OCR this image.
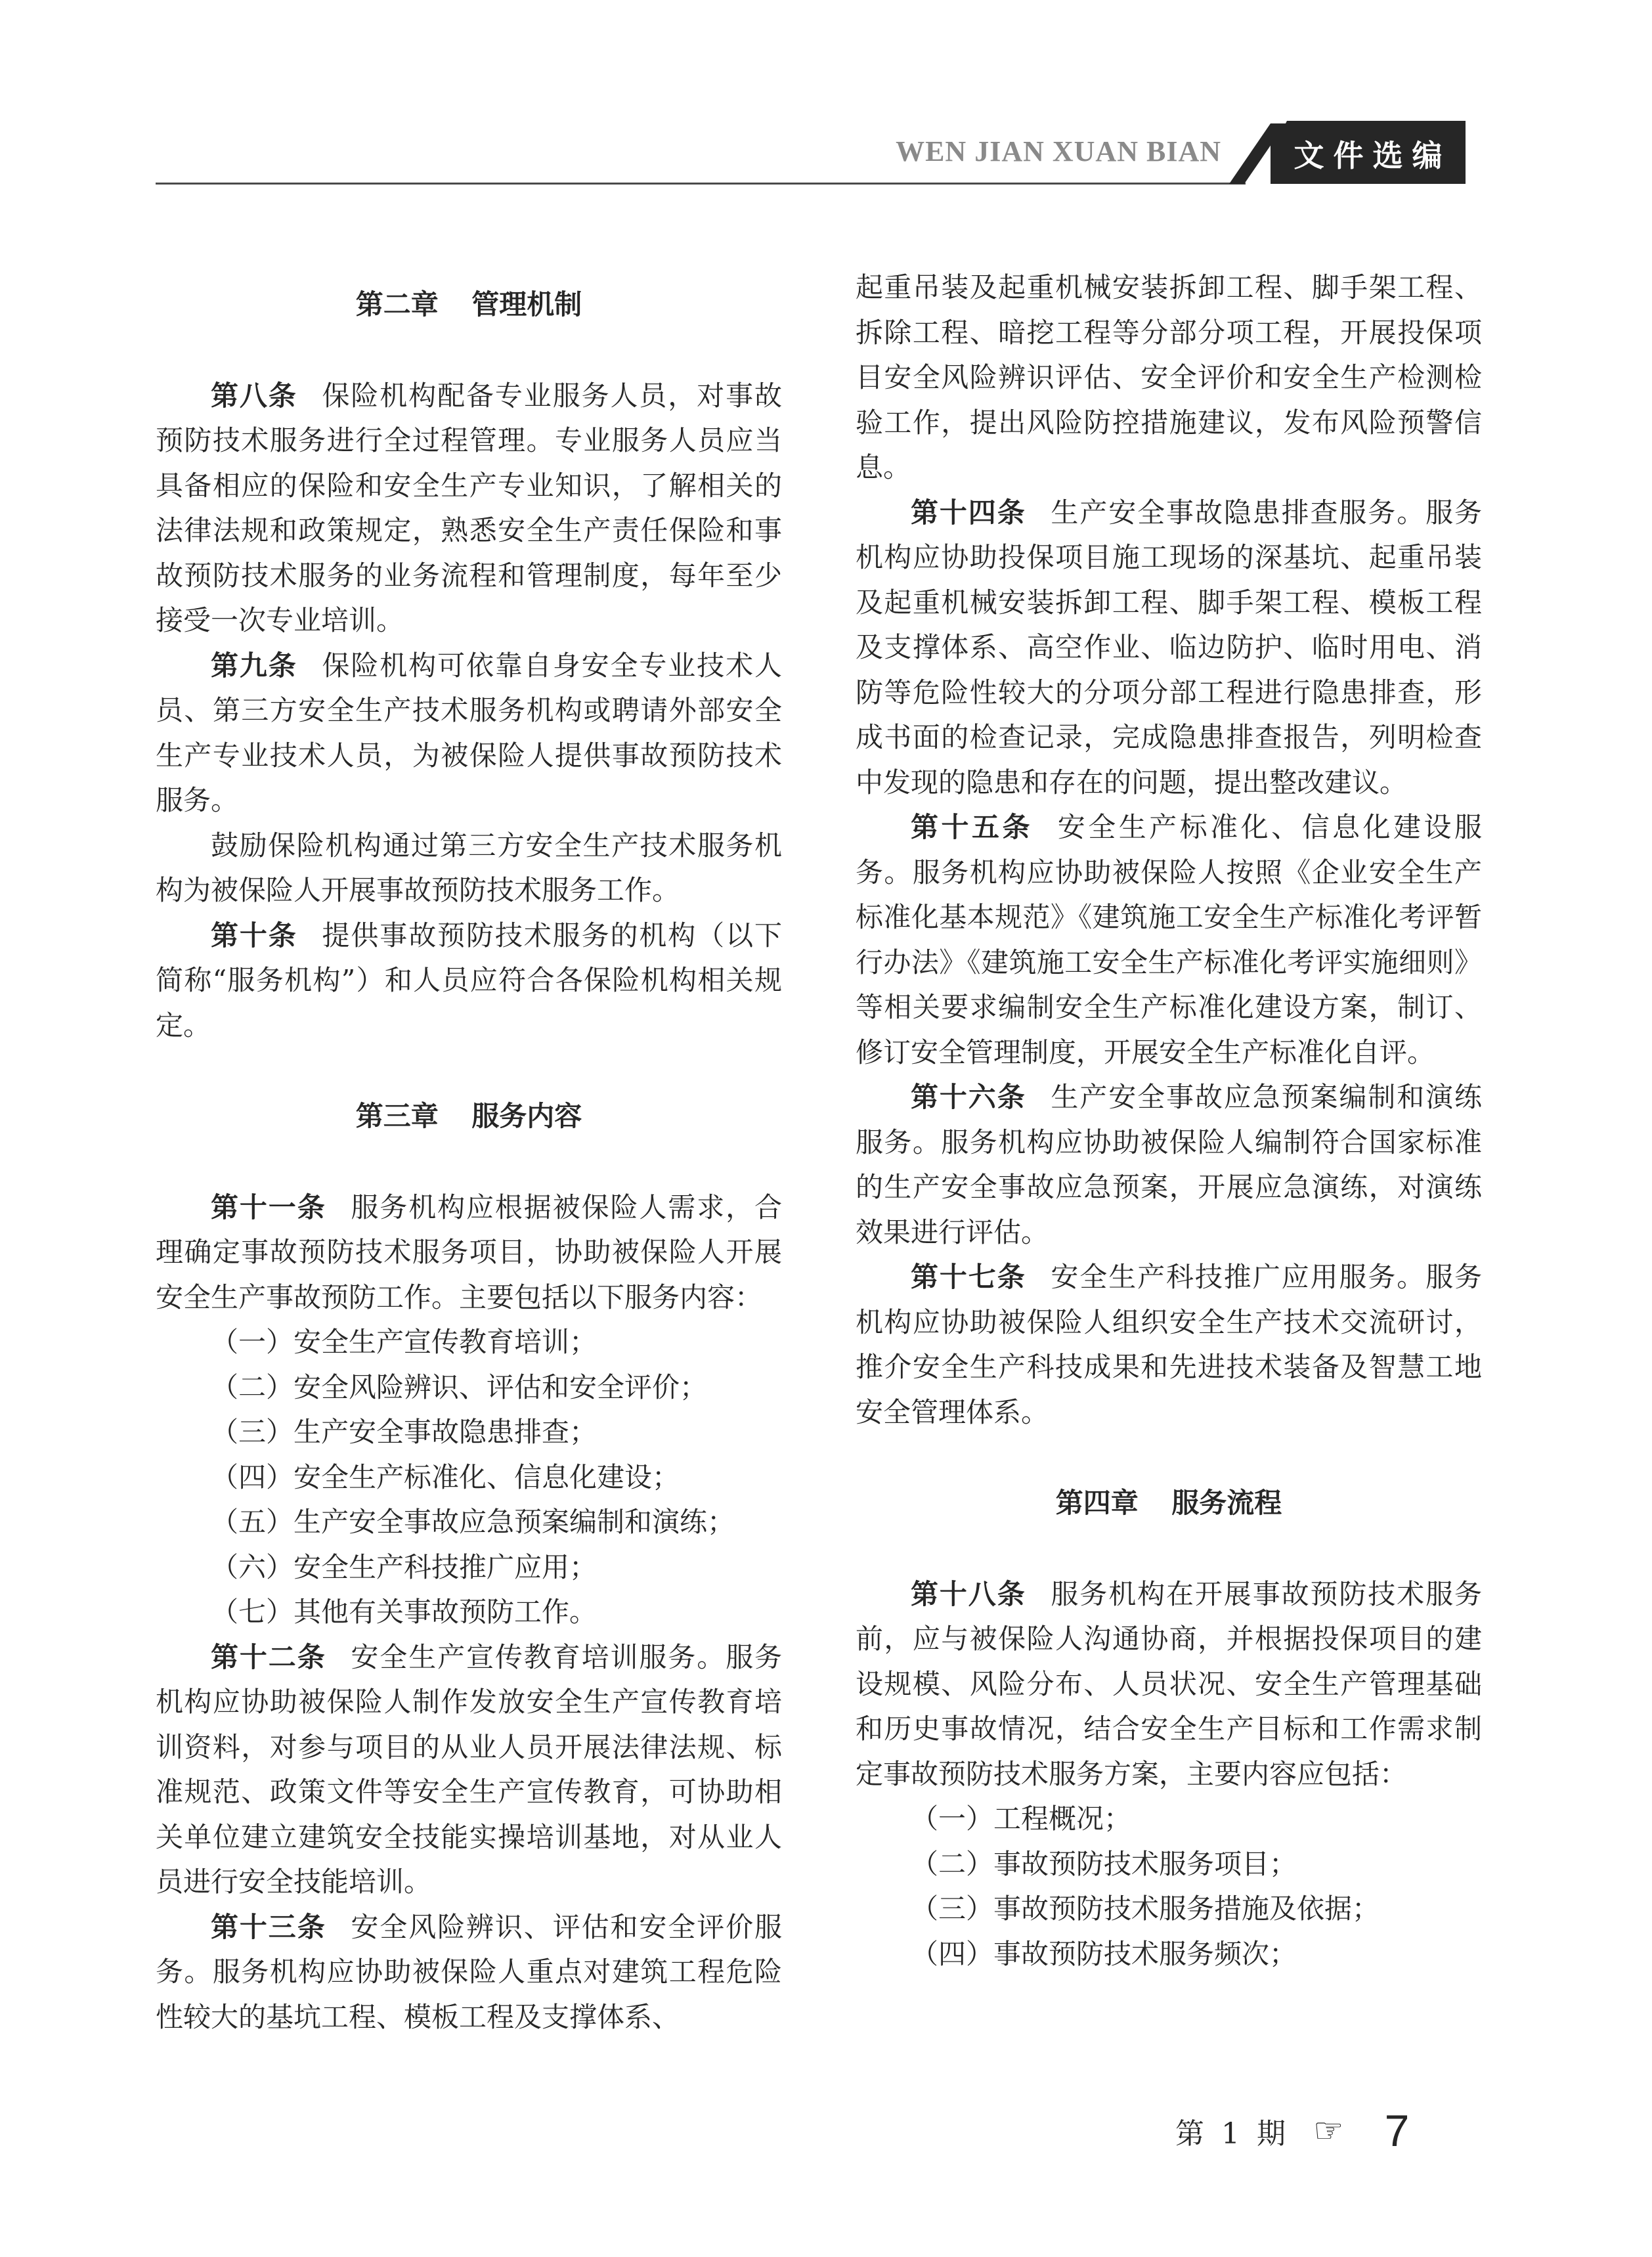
WEN JIAN XUAN BIAN	文件选编

第二章 管理机制

第八条 保险机构配备专业服务人员，对事故预防技术服务进行全过程管理。专业服务人员应当具备相应的保险和安全生产专业知识，了解相关的法律法规和政策规定，熟悉安全生产责任保险和事故预防技术服务的业务流程和管理制度，每年至少接受一次专业培训。

第九条 保险机构可依靠自身安全专业技术人员、第三方安全生产技术服务机构或聘请外部安全生产专业技术人员，为被保险人提供事故预防技术服务。

鼓励保险机构通过第三方安全生产技术服务机构为被保险人开展事故预防技术服务工作。

第十条 提供事故预防技术服务的机构（以下简称“服务机构”）和人员应符合各保险机构相关规定。

第三章 服务内容

第十一条 服务机构应根据被保险人需求，合理确定事故预防技术服务项目，协助被保险人开展安全生产事故预防工作。主要包括以下服务内容：

（一）安全生产宣传教育培训；

（二）安全风险辨识、评估和安全评价；

（三）生产安全事故隐患排查；

（四）安全生产标准化、信息化建设；

（五）生产安全事故应急预案编制和演练；

（六）安全生产科技推广应用；

（七）其他有关事故预防工作。

第十二条 安全生产宣传教育培训服务。服务机构应协助被保险人制作发放安全生产宣传教育培训资料，对参与项目的从业人员开展法律法规、标准规范、政策文件等安全生产宣传教育，可协助相关单位建立建筑安全技能实操培训基地，对从业人员进行安全技能培训。

第十三条 安全风险辨识、评估和安全评价服务。服务机构应协助被保险人重点对建筑工程危险性较大的基坑工程、模板工程及支撑体系、

起重吊装及起重机械安装拆卸工程、脚手架工程、拆除工程、暗挖工程等分部分项工程，开展投保项目安全风险辨识评估、安全评价和安全生产检测检验工作，提出风险防控措施建议，发布风险预警信息。

第十四条 生产安全事故隐患排查服务。服务机构应协助投保项目施工现场的深基坑、起重吊装及起重机械安装拆卸工程、脚手架工程、模板工程及支撑体系、高空作业、临边防护、临时用电、消防等危险性较大的分项分部工程进行隐患排查，形成书面的检查记录，完成隐患排查报告，列明检查中发现的隐患和存在的问题，提出整改建议。

第十五条 安全生产标准化、信息化建设服务。服务机构应协助被保险人按照《企业安全生产标准化基本规范》《建筑施工安全生产标准化考评暂行办法》《建筑施工安全生产标准化考评实施细则》等相关要求编制安全生产标准化建设方案，制订、修订安全管理制度，开展安全生产标准化自评。

第十六条 生产安全事故应急预案编制和演练服务。服务机构应协助被保险人编制符合国家标准的生产安全事故应急预案，开展应急演练，对演练效果进行评估。

第十七条 安全生产科技推广应用服务。服务机构应协助被保险人组织安全生产技术交流研讨，推介安全生产科技成果和先进技术装备及智慧工地安全管理体系。

第四章 服务流程

第十八条 服务机构在开展事故预防技术服务前，应与被保险人沟通协商，并根据投保项目的建设规模、风险分布、人员状况、安全生产管理基础和历史事故情况，结合安全生产目标和工作需求制定事故预防技术服务方案，主要内容应包括：

（一）工程概况；

（二）事故预防技术服务项目；

（三）事故预防技术服务措施及依据；

（四）事故预防技术服务频次；

第 1 期 ☞ 7
